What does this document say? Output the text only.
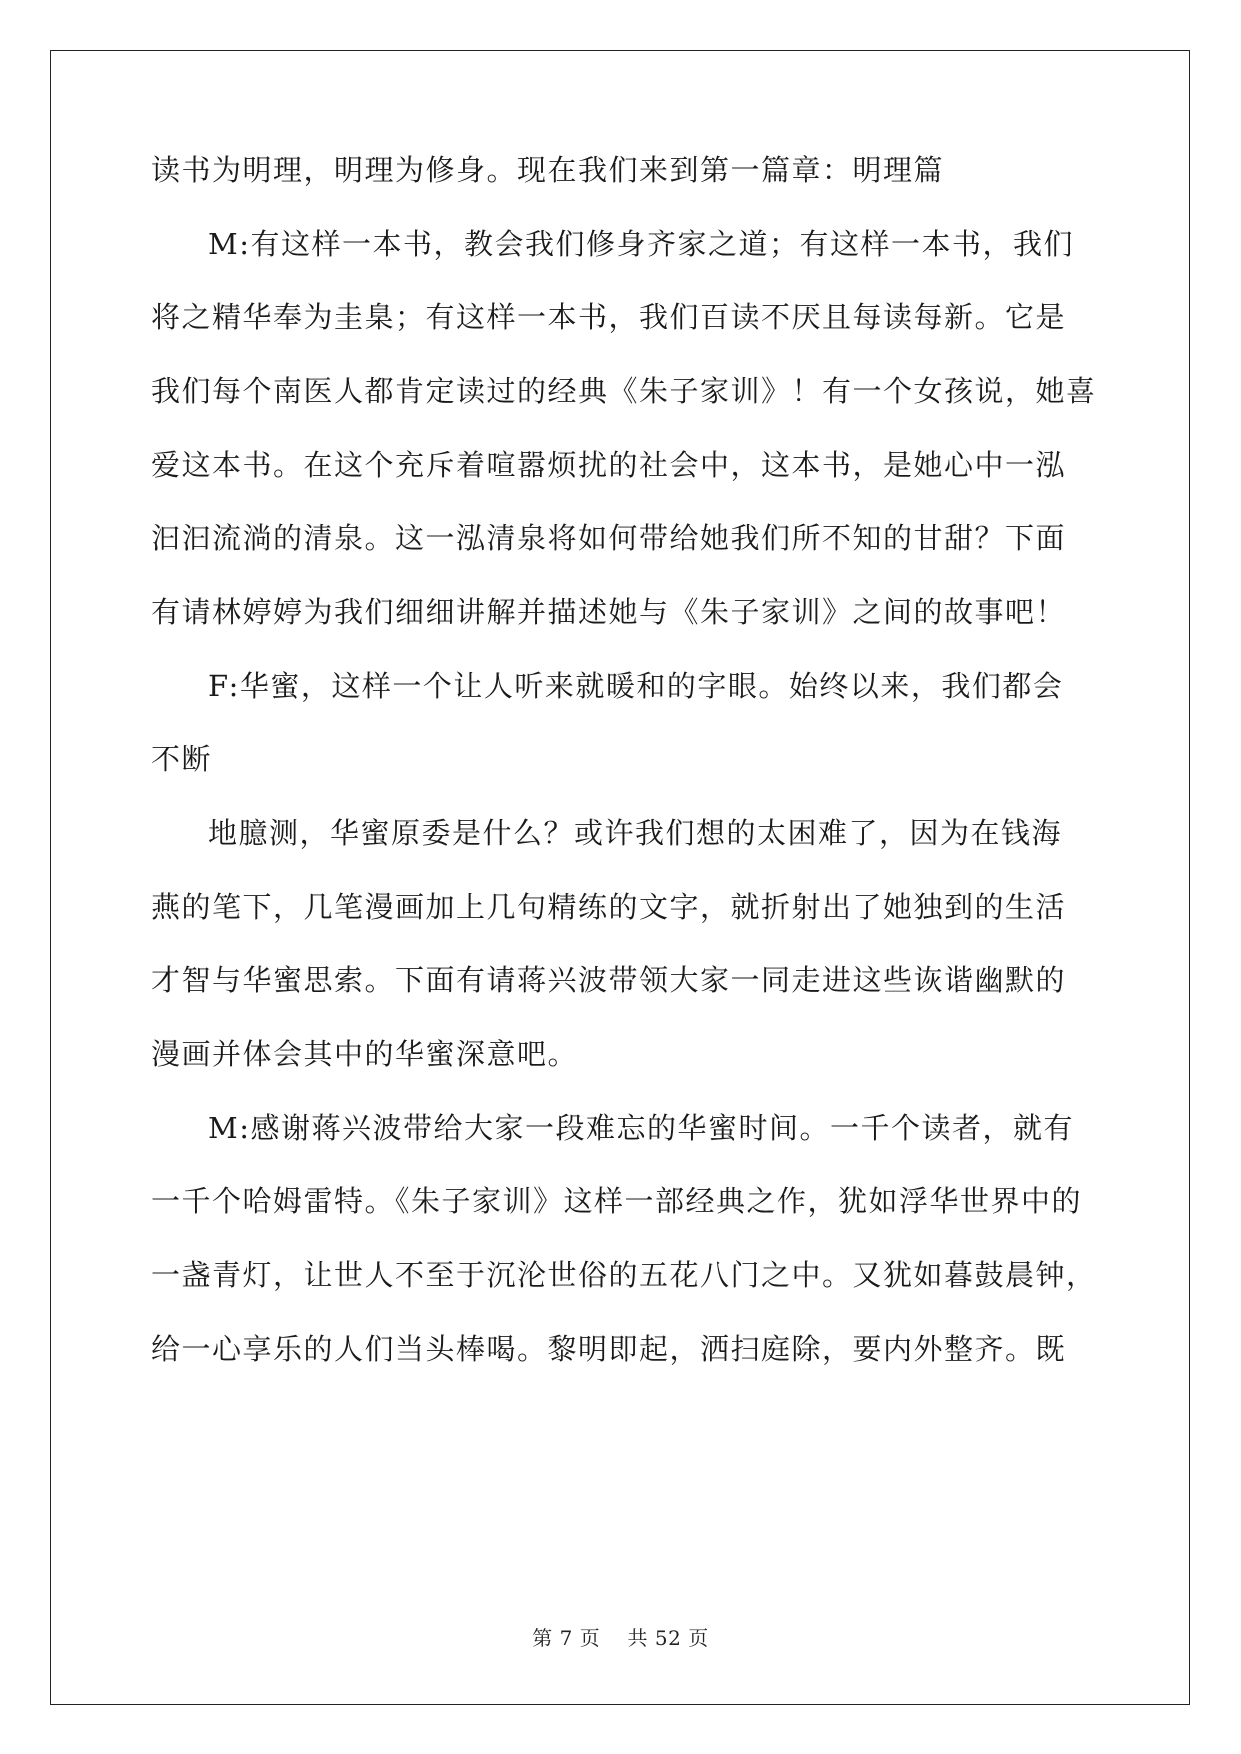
读书为明理，明理为修身。现在我们来到第一篇章：明理篇
M:有这样一本书，教会我们修身齐家之道；有这样一本书，我们
将之精华奉为圭臬；有这样一本书，我们百读不厌且每读每新。它是
我们每个南医人都肯定读过的经典《朱子家训》！有一个女孩说，她喜
爱这本书。在这个充斥着喧嚣烦扰的社会中，这本书，是她心中一泓
汩汩流淌的清泉。这一泓清泉将如何带给她我们所不知的甘甜？下面
有请林婷婷为我们细细讲解并描述她与《朱子家训》之间的故事吧！
F:华蜜，这样一个让人听来就暖和的字眼。始终以来，我们都会
不断
地臆测，华蜜原委是什么？或许我们想的太困难了，因为在钱海
燕的笔下，几笔漫画加上几句精练的文字，就折射出了她独到的生活
才智与华蜜思索。下面有请蒋兴波带领大家一同走进这些诙谐幽默的
漫画并体会其中的华蜜深意吧。
M:感谢蒋兴波带给大家一段难忘的华蜜时间。一千个读者，就有
一千个哈姆雷特。《朱子家训》这样一部经典之作，犹如浮华世界中的
一盏青灯，让世人不至于沉沦世俗的五花八门之中。又犹如暮鼓晨钟，
给一心享乐的人们当头棒喝。黎明即起，洒扫庭除，要内外整齐。既
第 7 页　 共 52 页
